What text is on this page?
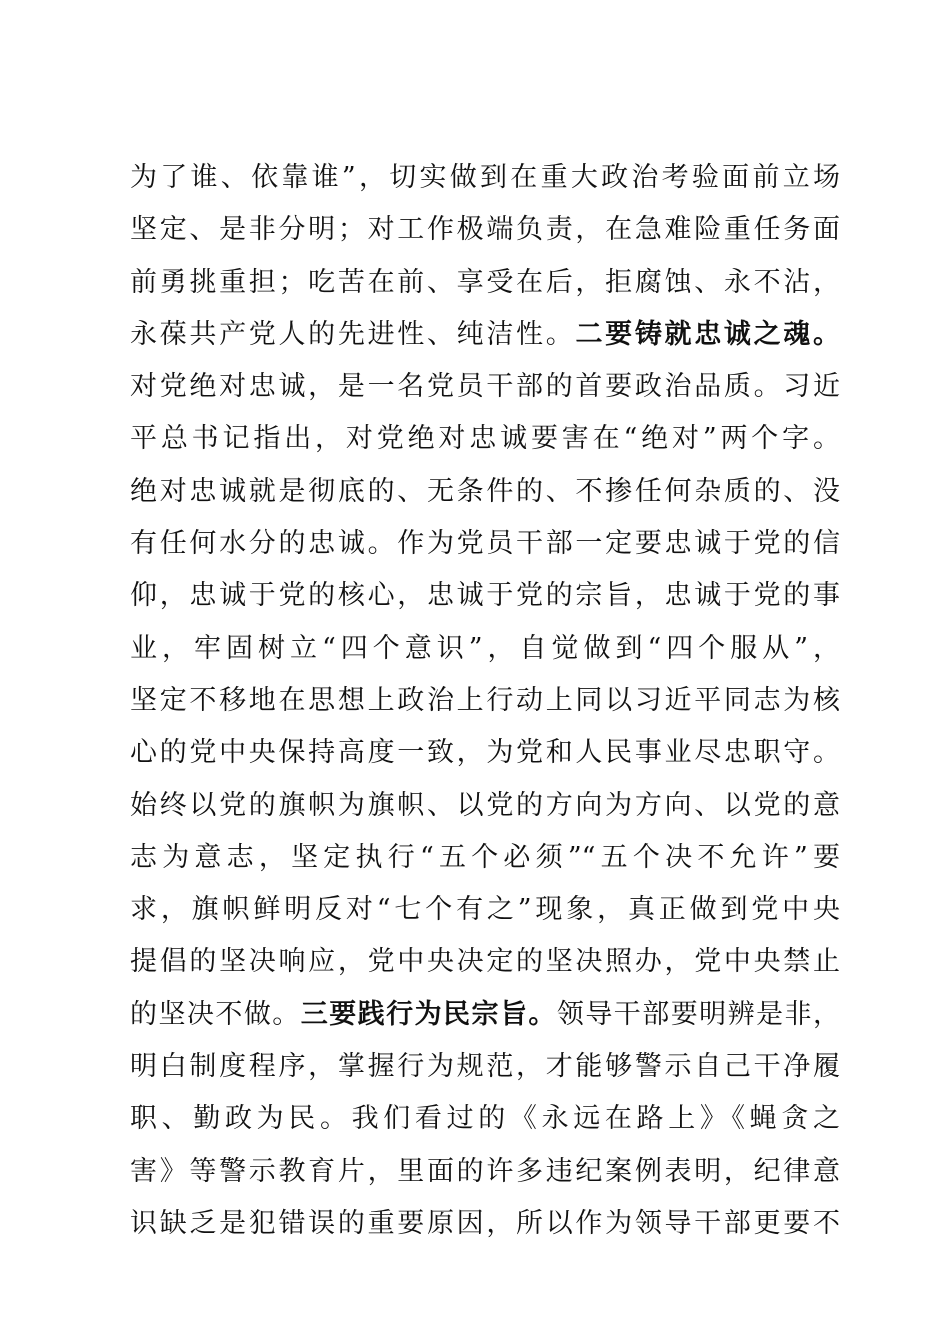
为了谁、依靠谁”，切实做到在重大政治考验面前立场
坚定、是非分明；对工作极端负责，在急难险重任务面
前勇挑重担；吃苦在前、享受在后，拒腐蚀、永不沾，
永葆共产党人的先进性、纯洁性。二要铸就忠诚之魂。
对党绝对忠诚，是一名党员干部的首要政治品质。习近
平总书记指出，对党绝对忠诚要害在“绝对”两个字。
绝对忠诚就是彻底的、无条件的、不掺任何杂质的、没
有任何水分的忠诚。作为党员干部一定要忠诚于党的信
仰，忠诚于党的核心，忠诚于党的宗旨，忠诚于党的事
业，牢固树立“四个意识”，自觉做到“四个服从”，
坚定不移地在思想上政治上行动上同以习近平同志为核
心的党中央保持高度一致，为党和人民事业尽忠职守。
始终以党的旗帜为旗帜、以党的方向为方向、以党的意
志为意志，坚定执行“五个必须”“五个决不允许”要
求，旗帜鲜明反对“七个有之”现象，真正做到党中央
提倡的坚决响应，党中央决定的坚决照办，党中央禁止
的坚决不做。三要践行为民宗旨。领导干部要明辨是非，
明白制度程序，掌握行为规范，才能够警示自己干净履
职、勤政为民。我们看过的《永远在路上》《蝇贪之
害》等警示教育片，里面的许多违纪案例表明，纪律意
识缺乏是犯错误的重要原因，所以作为领导干部更要不
